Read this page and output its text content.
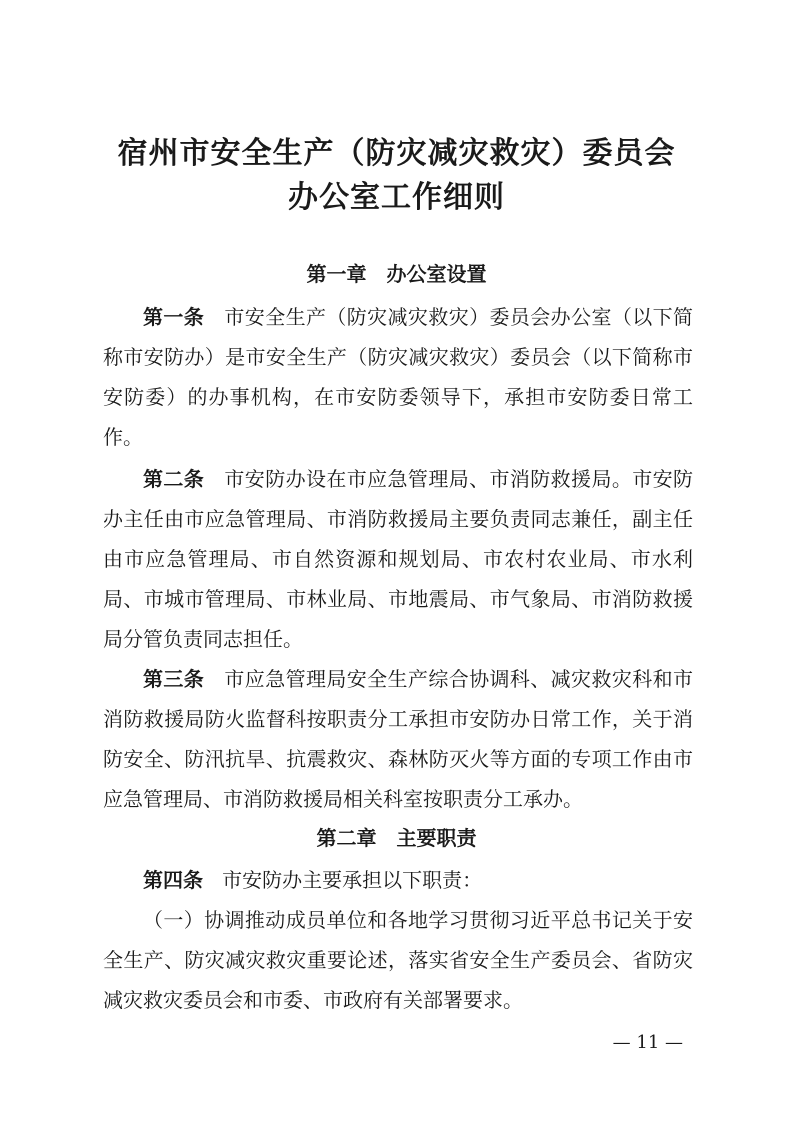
宿州市安全生产（防灾减灾救灾）委员会
办公室工作细则
第一章　办公室设置

第一条 市安全生产（防灾减灾救灾）委员会办公室（以下简称市安防办）是市安全生产（防灾减灾救灾）委员会（以下简称市安防委）的办事机构，在市安防委领导下，承担市安防委日常工作。

第二条 市安防办设在市应急管理局、市消防救援局。市安防办主任由市应急管理局、市消防救援局主要负责同志兼任，副主任由市应急管理局、市自然资源和规划局、市农村农业局、市水利局、市城市管理局、市林业局、市地震局、市气象局、市消防救援局分管负责同志担任。

第三条 市应急管理局安全生产综合协调科、减灾救灾科和市消防救援局防火监督科按职责分工承担市安防办日常工作，关于消防安全、防汛抗旱、抗震救灾、森林防灭火等方面的专项工作由市应急管理局、市消防救援局相关科室按职责分工承办。

第二章　主要职责

第四条 市安防办主要承担以下职责：

（一）协调推动成员单位和各地学习贯彻习近平总书记关于安全生产、防灾减灾救灾重要论述，落实省安全生产委员会、省防灾减灾救灾委员会和市委、市政府有关部署要求。

— 11 —
